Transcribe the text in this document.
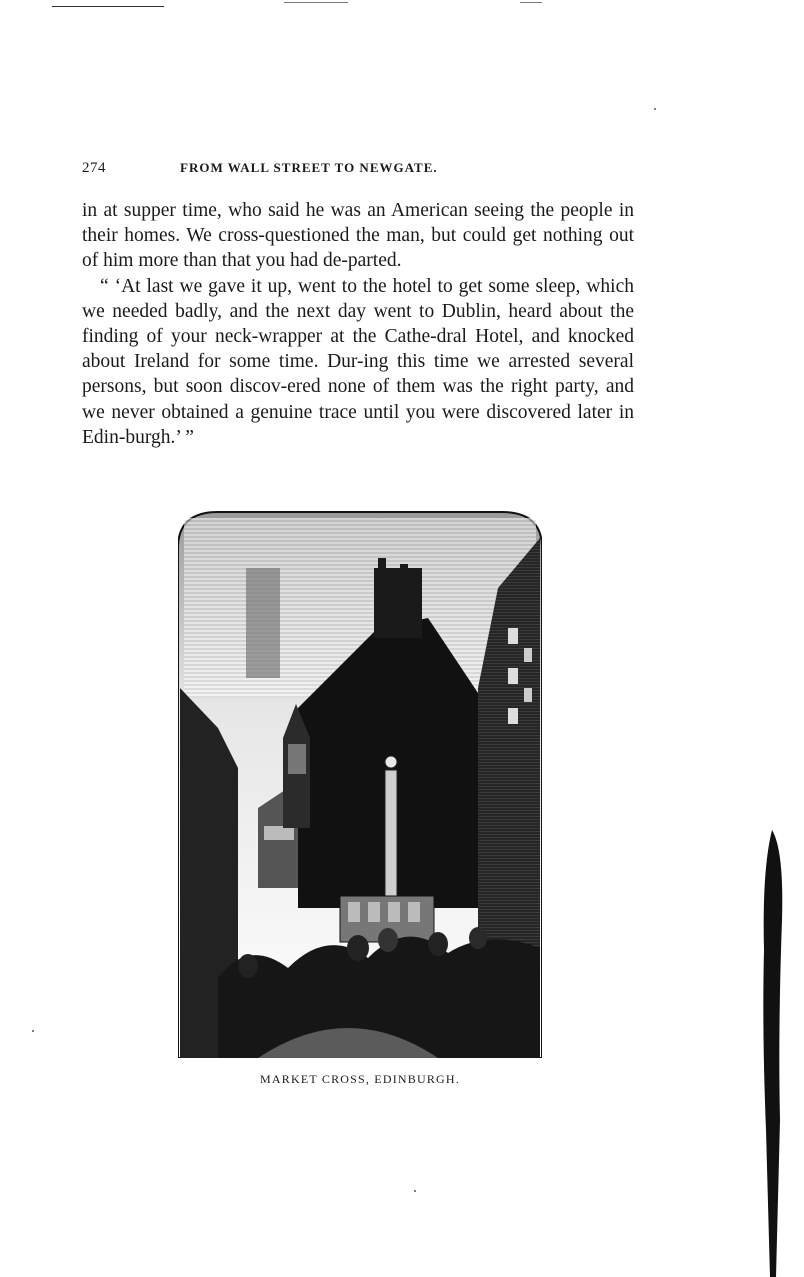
274	FROM WALL STREET TO NEWGATE.

in at supper time, who said he was an American seeing the people in their homes. We cross-questioned the man, but could get nothing out of him more than that you had de-parted.

“ ‘At last we gave it up, went to the hotel to get some sleep, which we needed badly, and the next day went to Dublin, heard about the finding of your neck-wrapper at the Cathe-dral Hotel, and knocked about Ireland for some time. Dur-ing this time we arrested several persons, but soon discov-ered none of them was the right party, and we never obtained a genuine trace until you were discovered later in Edin-burgh.’ ”

MARKET CROSS, EDINBURGH.
